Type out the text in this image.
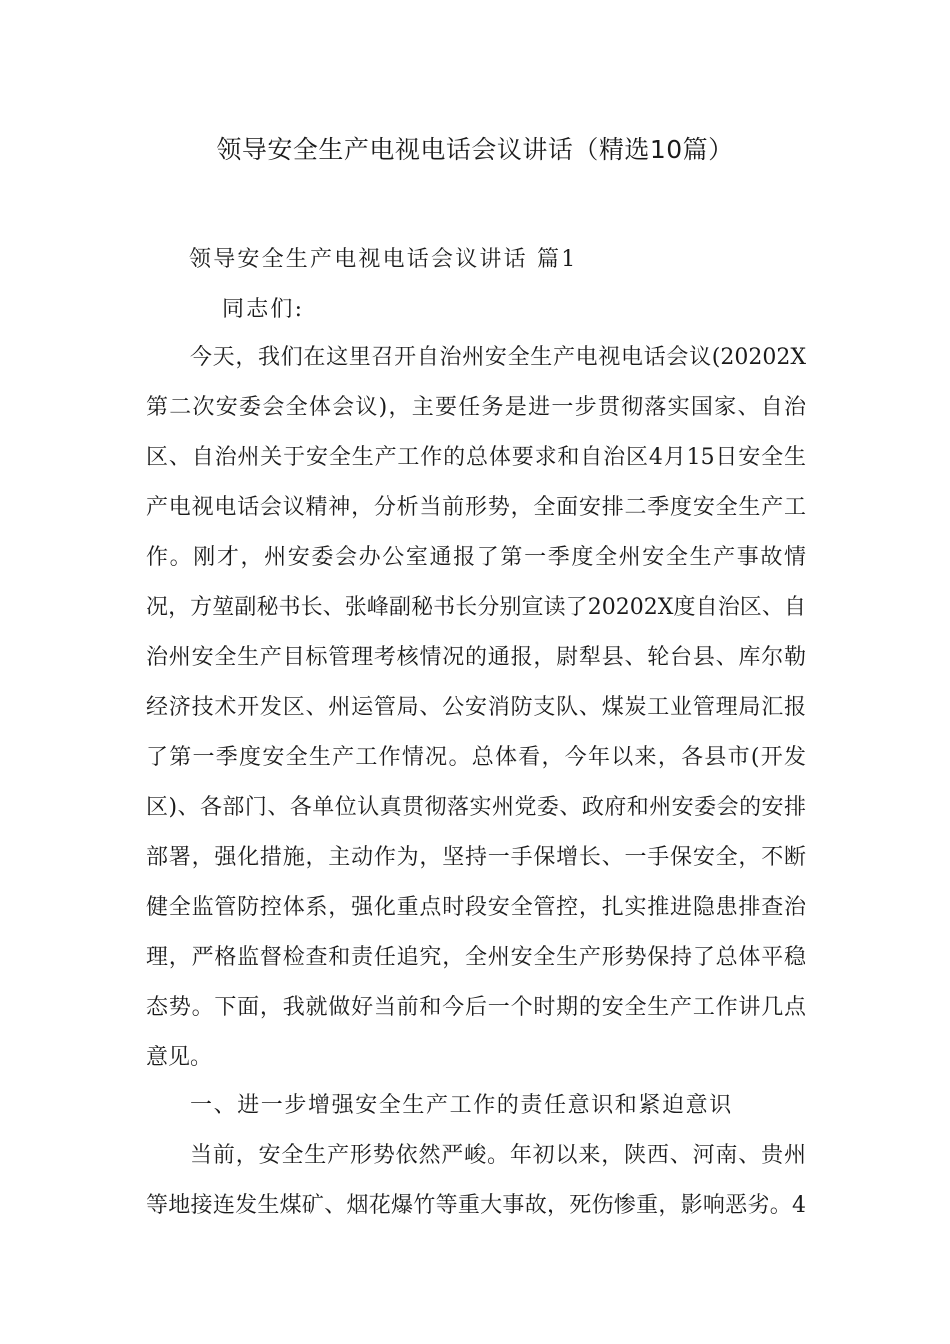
领导安全生产电视电话会议讲话（精选10篇）

领导安全生产电视电话会议讲话 篇1

同志们:

今天，我们在这里召开自治州安全生产电视电话会议(20202X

第二次安委会全体会议)，主要任务是进一步贯彻落实国家、自治

区、自治州关于安全生产工作的总体要求和自治区4月15日安全生

产电视电话会议精神，分析当前形势，全面安排二季度安全生产工

作。刚才，州安委会办公室通报了第一季度全州安全生产事故情

况，方堃副秘书长、张峰副秘书长分别宣读了20202X度自治区、自

治州安全生产目标管理考核情况的通报，尉犁县、轮台县、库尔勒

经济技术开发区、州运管局、公安消防支队、煤炭工业管理局汇报

了第一季度安全生产工作情况。总体看，今年以来，各县市(开发

区)、各部门、各单位认真贯彻落实州党委、政府和州安委会的安排

部署，强化措施，主动作为，坚持一手保增长、一手保安全，不断

健全监管防控体系，强化重点时段安全管控，扎实推进隐患排查治

理，严格监督检查和责任追究，全州安全生产形势保持了总体平稳

态势。下面，我就做好当前和今后一个时期的安全生产工作讲几点

意见。

一、进一步增强安全生产工作的责任意识和紧迫意识

当前，安全生产形势依然严峻。年初以来，陕西、河南、贵州

等地接连发生煤矿、烟花爆竹等重大事故，死伤惨重，影响恶劣。4
